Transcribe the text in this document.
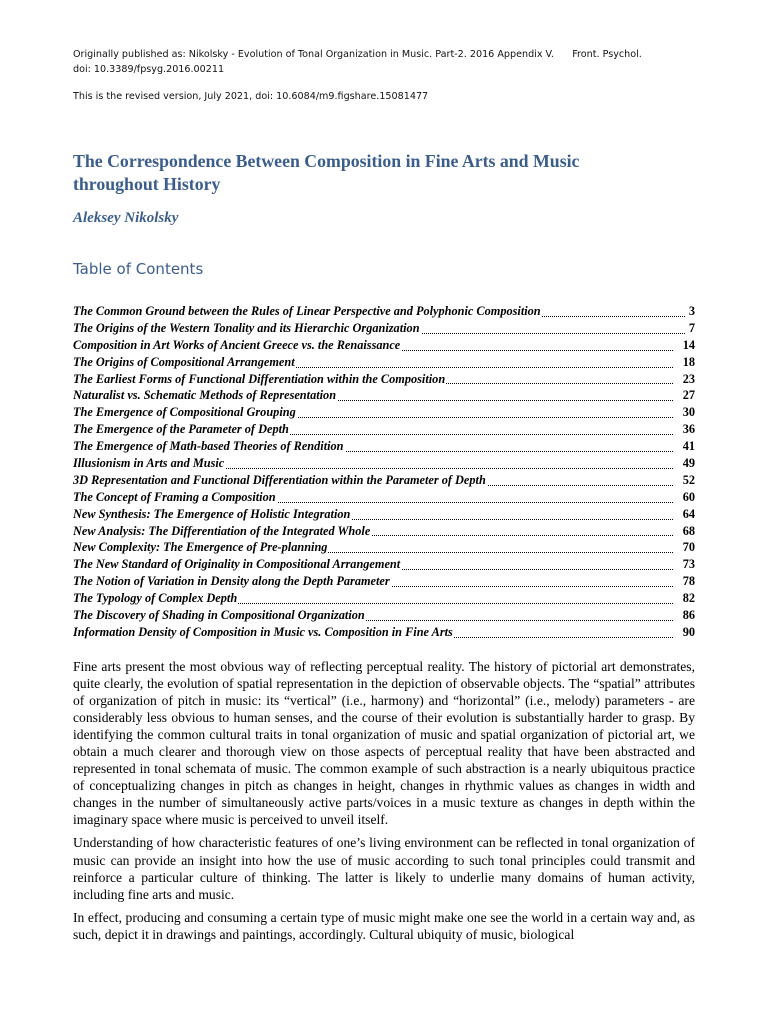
Originally published as: Nikolsky - Evolution of Tonal Organization in Music. Part-2. 2016 Appendix V.      Front. Psychol.
doi: 10.3389/fpsyg.2016.00211
This is the revised version, July 2021, doi: 10.6084/m9.figshare.15081477
The Correspondence Between Composition in Fine Arts and Music
throughout History
Aleksey Nikolsky
Table of Contents
The Common Ground between the Rules of Linear Perspective and Polyphonic Composition	3
The Origins of the Western Tonality and its Hierarchic Organization	7
Composition in Art Works of Ancient Greece vs. the Renaissance	14
The Origins of Compositional Arrangement	18
The Earliest Forms of Functional Differentiation within the Composition	23
Naturalist vs. Schematic Methods of Representation	27
The Emergence of Compositional Grouping	30
The Emergence of the Parameter of Depth	36
The Emergence of Math-based Theories of Rendition	41
Illusionism in Arts and Music	49
3D Representation and Functional Differentiation within the Parameter of Depth	52
The Concept of Framing a Composition	60
New Synthesis: The Emergence of Holistic Integration	64
New Analysis: The Differentiation of the Integrated Whole	68
New Complexity: The Emergence of Pre-planning	70
The New Standard of Originality in Compositional Arrangement	73
The Notion of Variation in Density along the Depth Parameter	78
The Typology of Complex Depth	82
The Discovery of Shading in Compositional Organization	86
Information Density of Composition in Music vs. Composition in Fine Arts	90

Fine arts present the most obvious way of reflecting perceptual reality. The history of pictorial art demonstrates, quite clearly, the evolution of spatial representation in the depiction of observable objects. The “spatial” attributes of organization of pitch in music: its “vertical” (i.e., harmony) and “horizontal” (i.e., melody) parameters - are considerably less obvious to human senses, and the course of their evolution is substantially harder to grasp. By identifying the common cultural traits in tonal organization of music and spatial organization of pictorial art, we obtain a much clearer and thorough view on those aspects of perceptual reality that have been abstracted and represented in tonal schemata of music. The common example of such abstraction is a nearly ubiquitous practice of conceptualizing changes in pitch as changes in height, changes in rhythmic values as changes in width and changes in the number of simultaneously active parts/voices in a music texture as changes in depth within the imaginary space where music is perceived to unveil itself.

Understanding of how characteristic features of one’s living environment can be reflected in tonal organization of music can provide an insight into how the use of music according to such tonal principles could transmit and reinforce a particular culture of thinking. The latter is likely to underlie many domains of human activity, including fine arts and music.

In effect, producing and consuming a certain type of music might make one see the world in a certain way and, as such, depict it in drawings and paintings, accordingly. Cultural ubiquity of music, biological
